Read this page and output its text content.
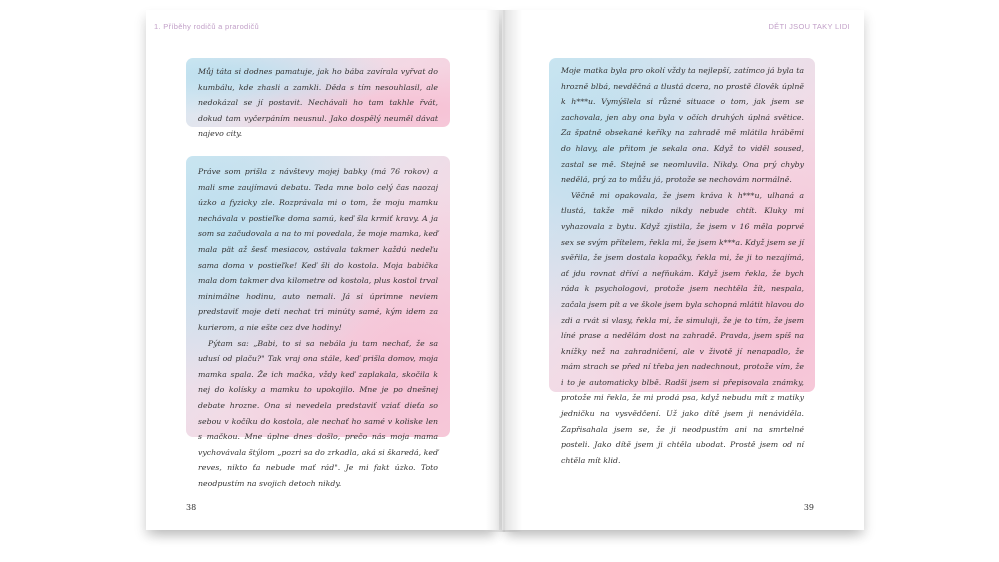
1. Příběhy rodičů a prarodičů

Můj táta si dodnes pamatuje, jak ho bába zavírala vyřvat do kumbálu, kde zhasli a zamkli. Děda s tím nesouhlasil, ale nedokázal se jí postavit. Nechávali ho tam takhle řvát, dokud tam vyčerpáním neusnul. Jako dospělý neuměl dávat najevo city.

Práve som prišla z návštevy mojej babky (má 76 rokov) a mali sme zaujímavú debatu. Teda mne bolo celý čas naozaj úzko a fyzicky zle. Rozprávala mi o tom, že moju mamku nechávala v postieľke doma samú, keď šla krmiť kravy. A ja som sa začudovala a na to mi povedala, že moje mamka, keď mala pät až šesť mesiacov, ostávala takmer každú nedeľu sama doma v postieľke! Keď šli do kostola. Moja babička mala dom takmer dva kilometre od kostola, plus kostol trval minimálne hodinu, auto nemali. Já si úprimne neviem predstaviť moje deti nechat tri minúty samé, kým idem za kurierom, a nie ešte cez dve hodiny!

Pýtam sa: „Babi, to si sa nebála ju tam nechať, že sa udusí od plaču?" Tak vraj ona stále, keď prišla domov, moja mamka spala. Že ich mačka, vždy keď zaplakala, skočila k nej do kolísky a mamku to upokojilo. Mne je po dnešnej debate hrozne. Ona si nevedela predstaviť vziať dieťa so sebou v kočíku do kostola, ale nechať ho samé v koliske len s mačkou. Mne úplne dnes došlo, prečo nás moja mama vychovávala štýlom „pozri sa do zrkadla, aká si škaredá, keď reves, nikto ťa nebude mať rád". Je mi fakt úzko. Toto neodpustím na svojich detoch nikdy.

38
DĚTI JSOU TAKY LIDI

Moje matka byla pro okolí vždy ta nejlepší, zatímco já byla ta hrozně blbá, nevděčná a tlustá dcera, no prostě člověk úplně k h***u. Vymýšlela si různé situace o tom, jak jsem se zachovala, jen aby ona byla v očích druhých úplná světice. Za špatně obsekané keříky na zahradě mě mlátila hráběmi do hlavy, ale přitom je sekala ona. Když to viděl soused, zastal se mě. Stejně se neomluvila. Nikdy. Ona prý chyby nedělá, prý za to můžu já, protože se nechovám normálně.

Věčně mi opakovala, že jsem kráva k h***u, ulhaná a tlustá, takže mě nikdo nikdy nebude chtít. Kluky mi vyhazovala z bytu. Když zjistila, že jsem v 16 měla poprvé sex se svým přítelem, řekla mi, že jsem k***a. Když jsem se jí svěřila, že jsem dostala kopačky, řekla mi, že ji to nezajímá, ať jdu rovnat dříví a nefňukám. Když jsem řekla, že bych ráda k psychologovi, protože jsem nechtěla žít, nespala, začala jsem pít a ve škole jsem byla schopná mlátit hlavou do zdi a rvát si vlasy, řekla mi, že simuluji, že je to tím, že jsem líné prase a nedělám dost na zahradě. Pravda, jsem spíš na knížky než na zahradničení, ale v životě jí nenapadlo, že mám strach se před ní třeba jen nadechnout, protože vím, že i to je automaticky blbě. Radši jsem si přepisovala známky, protože mi řekla, že mi prodá psa, když nebudu mít z matiky jedničku na vysvědčení. Už jako dítě jsem ji nenáviděla. Zapřisahala jsem se, že ji neodpustím ani na smrtelné posteli. Jako dítě jsem ji chtěla ubodat. Prostě jsem od ní chtěla mít klid.

39
